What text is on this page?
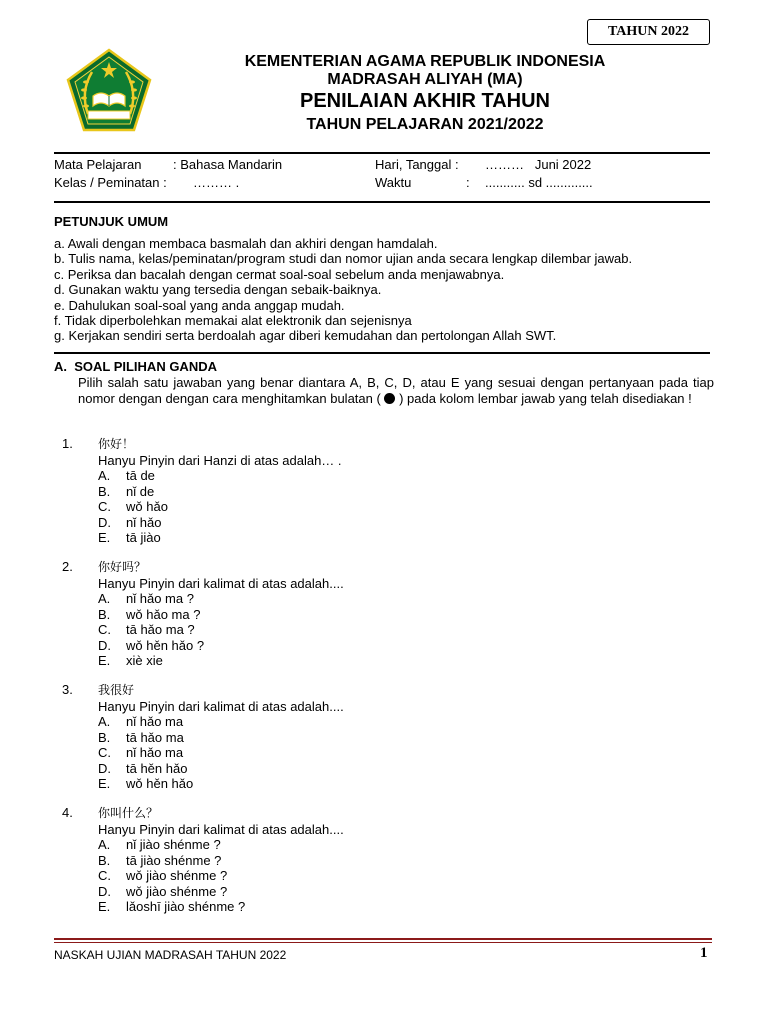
TAHUN 2022
KEMENTERIAN AGAMA REPUBLIK INDONESIA
MADRASAH ALIYAH (MA)
PENILAIAN AKHIR TAHUN
TAHUN PELAJARAN 2021/2022
Mata Pelajaran : Bahasa Mandarin
Kelas / Peminatan : ……… .
Hari, Tanggal : ………   Juni 2022
Waktu	: ........... sd .............
PETUNJUK UMUM
a. Awali dengan membaca basmalah dan akhiri dengan hamdalah.
b. Tulis nama, kelas/peminatan/program studi dan nomor ujian anda secara lengkap dilembar jawab.
c. Periksa dan bacalah dengan cermat soal-soal sebelum anda menjawabnya.
d. Gunakan waktu yang tersedia dengan sebaik-baiknya.
e. Dahulukan soal-soal yang anda anggap mudah.
f. Tidak diperbolehkan memakai alat elektronik dan sejenisnya
g. Kerjakan sendiri serta berdoalah agar diberi kemudahan dan pertolongan Allah SWT.
A.  SOAL PILIHAN GANDA
Pilih salah satu jawaban yang benar diantara A, B, C, D, atau E yang sesuai dengan pertanyaan pada tiap nomor dengan dengan cara menghitamkan bulatan ( ) pada kolom lembar jawab yang telah disediakan !
1. 你好！
Hanyu Pinyin dari Hanzi di atas adalah… .
A. tā de
B. nǐ de
C. wǒ hǎo
D. nǐ hǎo
E. tā jiào
2. 你好吗？
Hanyu Pinyin dari kalimat di atas adalah....
A. nǐ hǎo ma ?
B. wǒ hǎo ma ?
C. tā hǎo ma ?
D. wǒ hěn hǎo ?
E. xiè xie
3. 我很好
Hanyu Pinyin dari kalimat di atas adalah....
A. nǐ hǎo ma
B. tā hǎo ma
C. nǐ hǎo ma
D. tā hěn hǎo
E. wǒ hěn hǎo
4. 你叫什么？
Hanyu Pinyin dari kalimat di atas adalah....
A. nǐ jiào shénme ?
B. tā jiào shénme ?
C. wǒ jiào shénme ?
D. wǒ jiào shénme ?
E. lǎoshī jiào shénme ?
NASKAH UJIAN MADRASAH TAHUN 2022	1
